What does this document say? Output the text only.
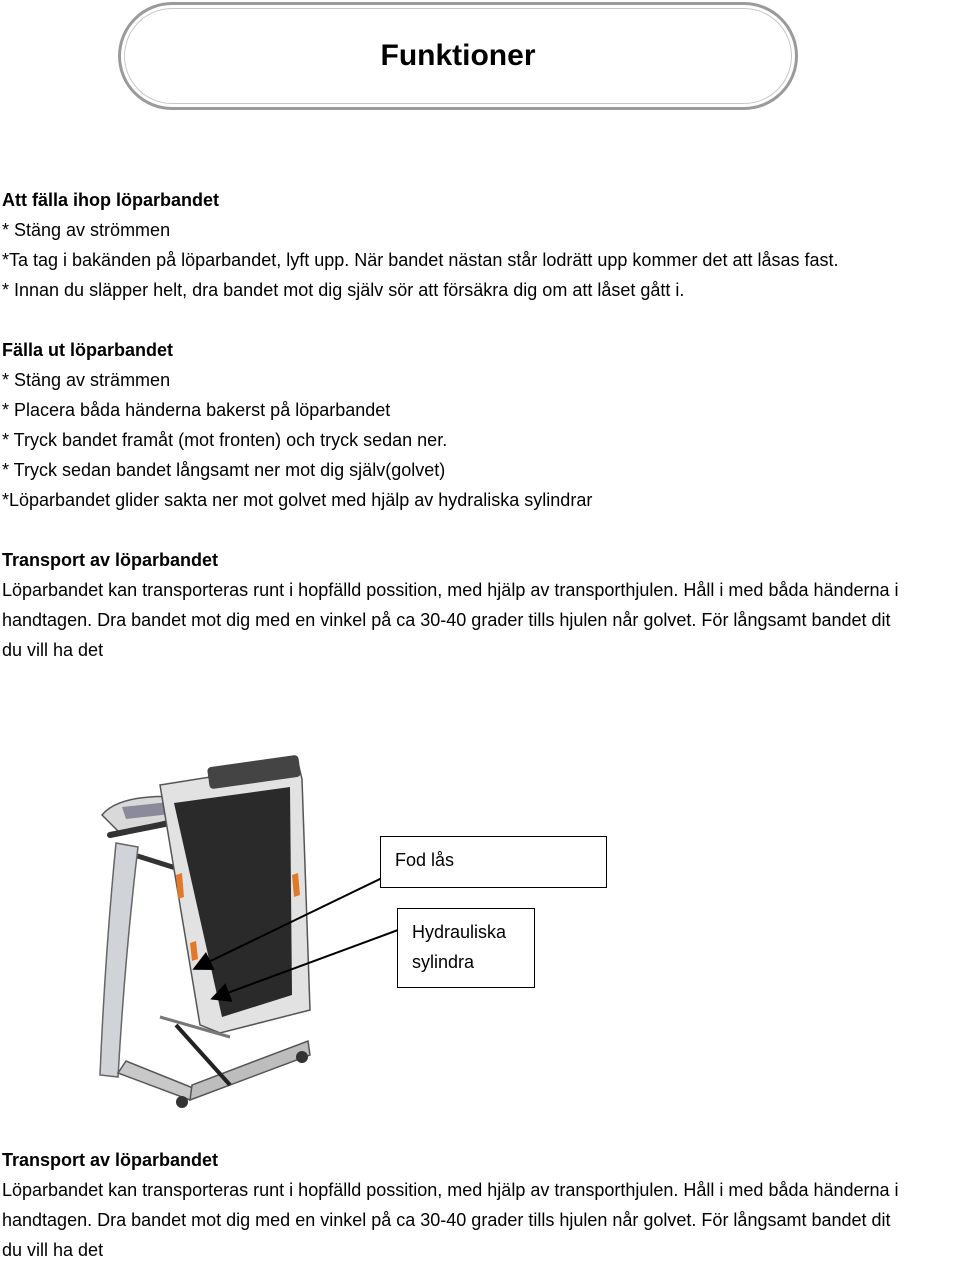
Funktioner
Att fälla ihop löparbandet
* Stäng av strömmen
*Ta tag i bakänden på löparbandet, lyft upp. När bandet nästan står lodrätt upp kommer det att låsas fast.
* Innan du släpper helt, dra bandet mot dig själv sör att försäkra dig om att låset gått i.
Fälla ut löparbandet
* Stäng av strämmen
* Placera båda händerna bakerst på löparbandet
* Tryck bandet framåt (mot fronten) och tryck sedan ner.
* Tryck sedan bandet långsamt ner mot dig själv(golvet)
*Löparbandet glider sakta ner mot golvet med hjälp av hydraliska sylindrar
Transport av löparbandet
Löparbandet kan transporteras runt i hopfälld possition, med hjälp av transporthjulen. Håll i med båda händerna i
handtagen. Dra bandet mot dig med en vinkel på ca 30-40 grader tills hjulen når golvet. För långsamt bandet dit
du vill ha det
Fod lås
Hydrauliska
sylindra
Transport av löparbandet
Löparbandet kan transporteras runt i hopfälld possition, med hjälp av transporthjulen. Håll i med båda händerna i
handtagen. Dra bandet mot dig med en vinkel på ca 30-40 grader tills hjulen når golvet. För långsamt bandet dit
du vill ha det
